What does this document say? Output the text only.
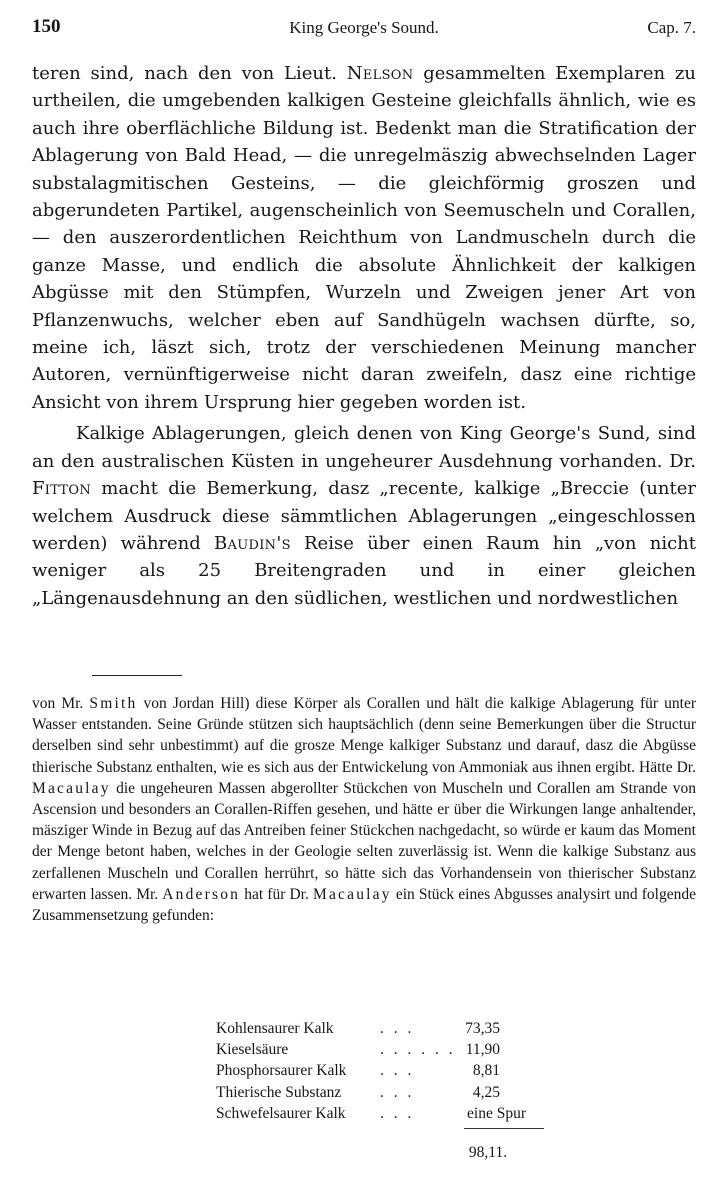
150	King George's Sound.	Cap. 7.

teren sind, nach den von Lieut. Nelson gesammelten Exemplaren zu urtheilen, die umgebenden kalkigen Gesteine gleichfalls ähnlich, wie es auch ihre oberflächliche Bildung ist. Bedenkt man die Stratification der Ablagerung von Bald Head, — die unregelmäszig abwechselnden Lager substalagmitischen Gesteins, — die gleichförmig groszen und abgerundeten Partikel, augenscheinlich von Seemuscheln und Corallen, — den auszerordentlichen Reichthum von Landmuscheln durch die ganze Masse, und endlich die absolute Ähnlichkeit der kalkigen Abgüsse mit den Stümpfen, Wurzeln und Zweigen jener Art von Pflanzenwuchs, welcher eben auf Sandhügeln wachsen dürfte, so, meine ich, läszt sich, trotz der verschiedenen Meinung mancher Autoren, vernünftigerweise nicht daran zweifeln, dasz eine richtige Ansicht von ihrem Ursprung hier gegeben worden ist.

Kalkige Ablagerungen, gleich denen von King George's Sund, sind an den australischen Küsten in ungeheurer Ausdehnung vorhanden. Dr. Fitton macht die Bemerkung, dasz „recente, kalkige „Breccie (unter welchem Ausdruck diese sämmtlichen Ablagerungen „eingeschlossen werden) während Baudin's Reise über einen Raum hin „von nicht weniger als 25 Breitengraden und in einer gleichen „Längenausdehnung an den südlichen, westlichen und nordwestlichen

von Mr. Smith von Jordan Hill) diese Körper als Corallen und hält die kalkige Ablagerung für unter Wasser entstanden. Seine Gründe stützen sich hauptsächlich (denn seine Bemerkungen über die Structur derselben sind sehr unbestimmt) auf die grosze Menge kalkiger Substanz und darauf, dasz die Abgüsse thierische Substanz enthalten, wie es sich aus der Entwickelung von Ammoniak aus ihnen ergibt. Hätte Dr. Macaulay die ungeheuren Massen abgerollter Stückchen von Muscheln und Corallen am Strande von Ascension und besonders an Corallen-Riffen gesehen, und hätte er über die Wirkungen lange anhaltender, mäsziger Winde in Bezug auf das Antreiben feiner Stückchen nachgedacht, so würde er kaum das Moment der Menge betont haben, welches in der Geologie selten zuverlässig ist. Wenn die kalkige Substanz aus zerfallenen Muscheln und Corallen herrührt, so hätte sich das Vorhandensein von thierischer Substanz erwarten lassen. Mr. Anderson hat für Dr. Macaulay ein Stück eines Abgusses analysirt und folgende Zusammensetzung gefunden:

Kohlensaurer Kalk	. . .	73,35
Kieselsäure	. . . . . . 11,90
Phosphorsaurer Kalk . . .	8,81
Thierische Substanz . . .	4,25
Schwefelsaurer Kalk . . .	eine Spur
98,11.
